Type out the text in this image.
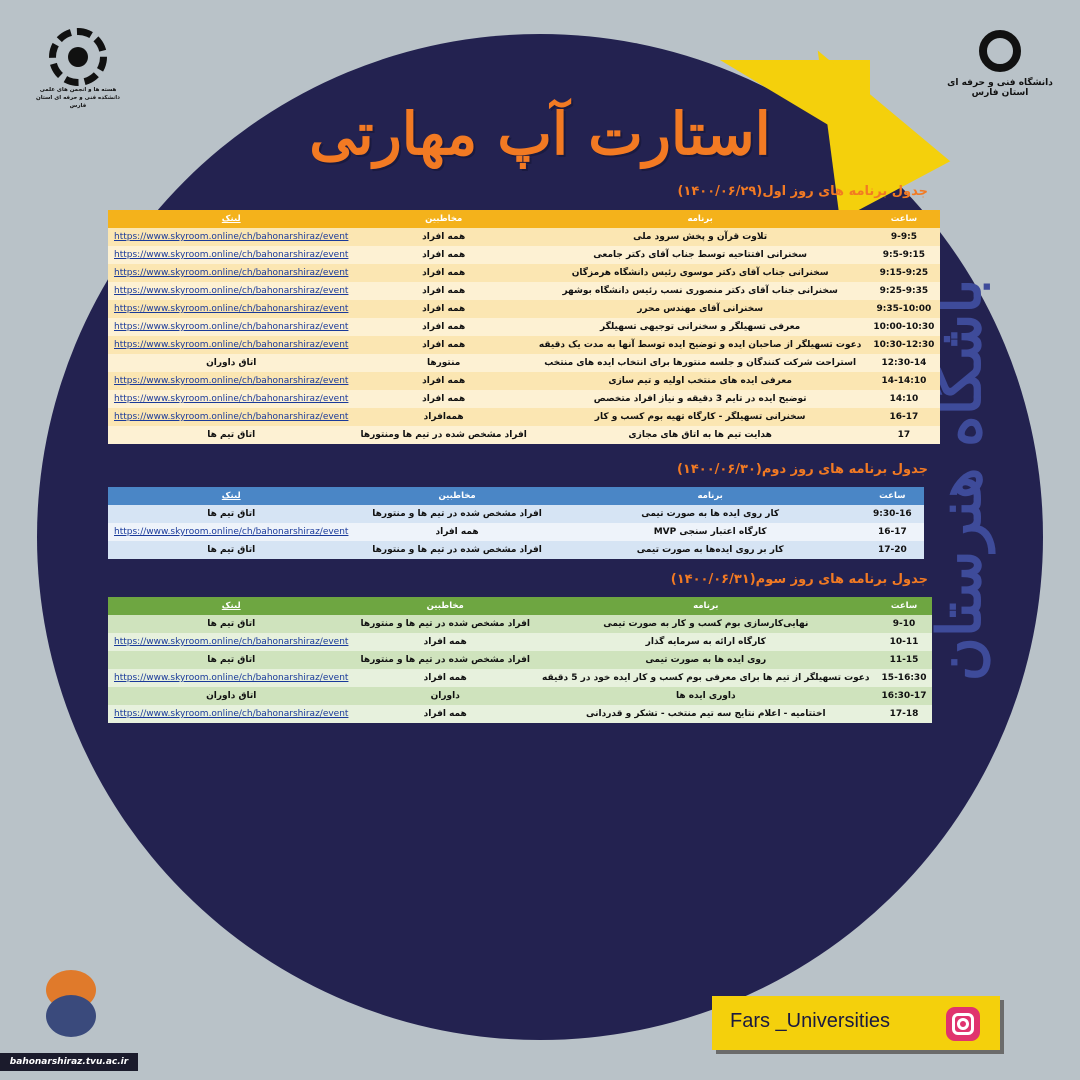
هسته ها و انجمن های علمی دانشکده فنی و حرفه ای استان فارس
دانشگاه فنی و حرفه ای استان فارس
استارت آپ مهارتی
باشگاه هنرستان
جدول برنامه های روز اول(۱۴۰۰/۰۶/۲۹)
ساعت	برنامه	مخاطبین	لینک
9-9:5	تلاوت قرآن و پخش سرود ملی	همه افراد	https://www.skyroom.online/ch/bahonarshiraz/event
9:5-9:15	سخنرانی افتتاحیه توسط جناب آقای دکتر جامعی	همه افراد	https://www.skyroom.online/ch/bahonarshiraz/event
9:15-9:25	سخنرانی جناب آقای دکتر موسوی رئیس دانشگاه هرمزگان	همه افراد	https://www.skyroom.online/ch/bahonarshiraz/event
9:25-9:35	سخنرانی جناب آقای دکتر منصوری نسب رئیس دانشگاه بوشهر	همه افراد	https://www.skyroom.online/ch/bahonarshiraz/event
9:35-10:00	سخنرانی آقای مهندس محرر	همه افراد	https://www.skyroom.online/ch/bahonarshiraz/event
10:00-10:30	معرفی تسهیلگر و سخنرانی توجیهی تسهیلگر	همه افراد	https://www.skyroom.online/ch/bahonarshiraz/event
10:30-12:30	دعوت تسهیلگر از صاحبان ایده و توضیح ایده توسط آنها به مدت یک دقیقه	همه افراد	https://www.skyroom.online/ch/bahonarshiraz/event
12:30-14	استراحت شرکت کنندگان و جلسه منتورها برای انتخاب ایده های منتخب	منتورها	اتاق داوران
14-14:10	معرفی ایده های منتخب اولیه و تیم سازی	همه افراد	https://www.skyroom.online/ch/bahonarshiraz/event
14:10	توضیح ایده در تایم 3 دقیقه و نیاز افراد متخصص	همه افراد	https://www.skyroom.online/ch/bahonarshiraz/event
16-17	سخنرانی تسهیلگر - کارگاه تهیه بوم کسب و کار	همه‌افراد	https://www.skyroom.online/ch/bahonarshiraz/event
17	هدایت تیم ها به اتاق های مجازی	افراد مشخص شده در تیم ها ومنتورها	اتاق تیم ها
جدول برنامه های روز دوم(۱۴۰۰/۰۶/۳۰)
ساعت	برنامه	مخاطبین	لینک
9:30-16	کار روی ایده ها به صورت تیمی	افراد مشخص شده در تیم ها و منتورها	اتاق تیم ها
16-17	کارگاه اعتبار سنجی MVP	همه افراد	https://www.skyroom.online/ch/bahonarshiraz/event
17-20	کار بر روی ایده‌ها به صورت تیمی	افراد مشخص شده در تیم ها و منتورها	اتاق تیم ها
جدول برنامه های روز سوم(۱۴۰۰/۰۶/۳۱)
ساعت	برنامه	مخاطبین	لینک
9-10	نهایی‌کارسازی بوم کسب و کار به صورت تیمی	افراد مشخص شده در تیم ها و منتورها	اتاق تیم ها
10-11	کارگاه ارائه به سرمایه گذار	همه افراد	https://www.skyroom.online/ch/bahonarshiraz/event
11-15	روی ایده ها به صورت تیمی	افراد مشخص شده در تیم ها و منتورها	اتاق تیم ها
15-16:30	دعوت تسهیلگر از تیم ها برای معرفی بوم کسب و کار ایده خود در 5 دقیقه	همه افراد	https://www.skyroom.online/ch/bahonarshiraz/event
16:30-17	داوری ایده ها	داوران	اتاق داوران
17-18	اختتامیه - اعلام نتایج سه تیم منتخب - تشکر و قدردانی	همه افراد	https://www.skyroom.online/ch/bahonarshiraz/event
bahonarshiraz.tvu.ac.ir
Fars _Universities
